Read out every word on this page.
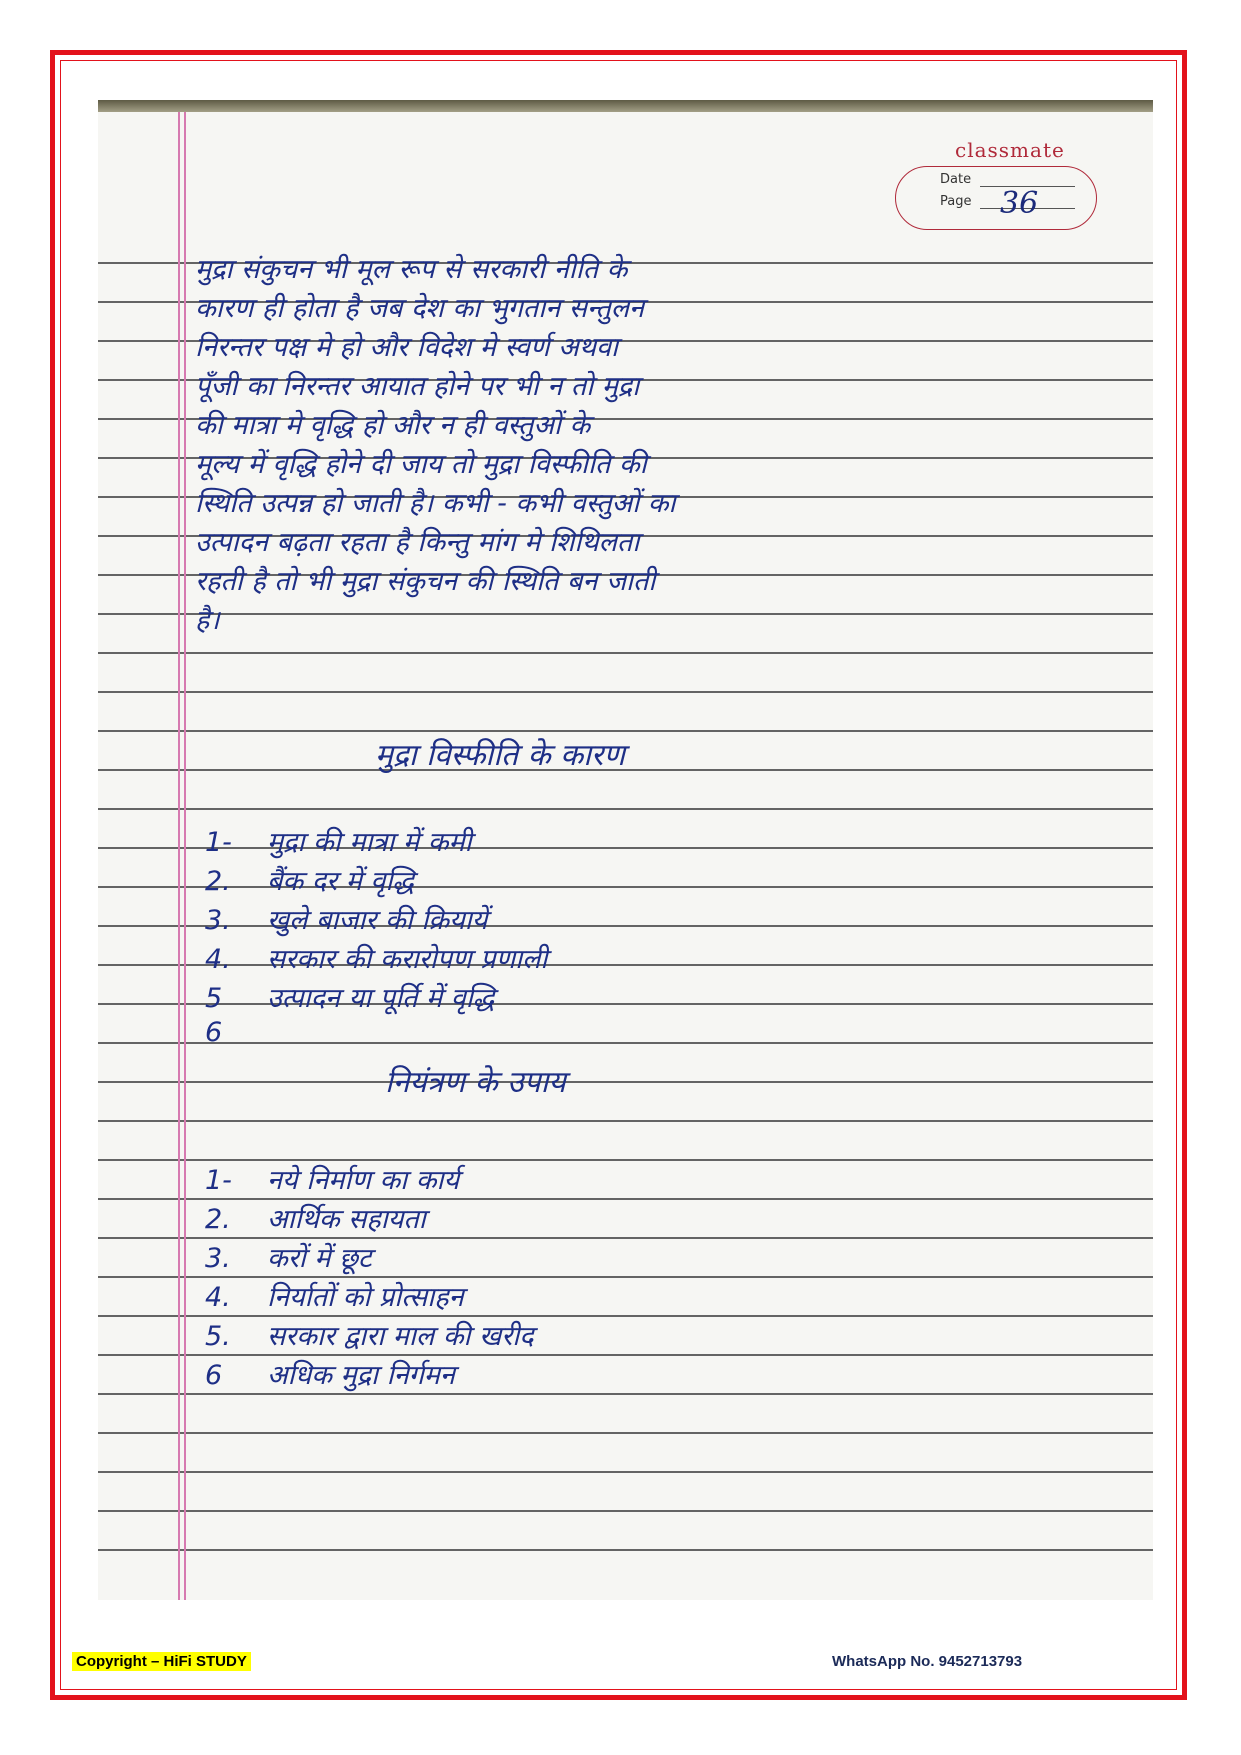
classmate
Date
Page 36
मुद्रा संकुचन भी मूल रूप से सरकारी नीति के
कारण ही होता है जब देश का भुगतान सन्तुलन
निरन्तर पक्ष मे हो और विदेश मे स्वर्ण अथवा
पूँजी का निरन्तर आयात होने पर भी न तो मुद्रा
की मात्रा मे वृद्धि हो और न ही वस्तुओं के
मूल्य में वृद्धि होने दी जाय तो मुद्रा विस्फीति की
स्थिति उत्पन्न हो जाती है। कभी - कभी वस्तुओं का
उत्पादन बढ़ता रहता है किन्तु मांग मे शिथिलता
रहती है तो भी मुद्रा संकुचन की स्थिति बन जाती
है।
मुद्रा विस्फीति के कारण
1- मुद्रा की मात्रा में कमी
2. बैंक दर में वृद्धि
3. खुले बाजार की क्रियायें
4. सरकार की करारोपण प्रणाली
5 उत्पादन या पूर्ति में वृद्धि
6
नियंत्रण के उपाय
1- नये निर्माण का कार्य
2. आर्थिक सहायता
3. करों में छूट
4. निर्यातों को प्रोत्साहन
5. सरकार द्वारा माल की खरीद
6 अधिक मुद्रा निर्गमन
Copyright – HiFi STUDY	WhatsApp No. 9452713793
